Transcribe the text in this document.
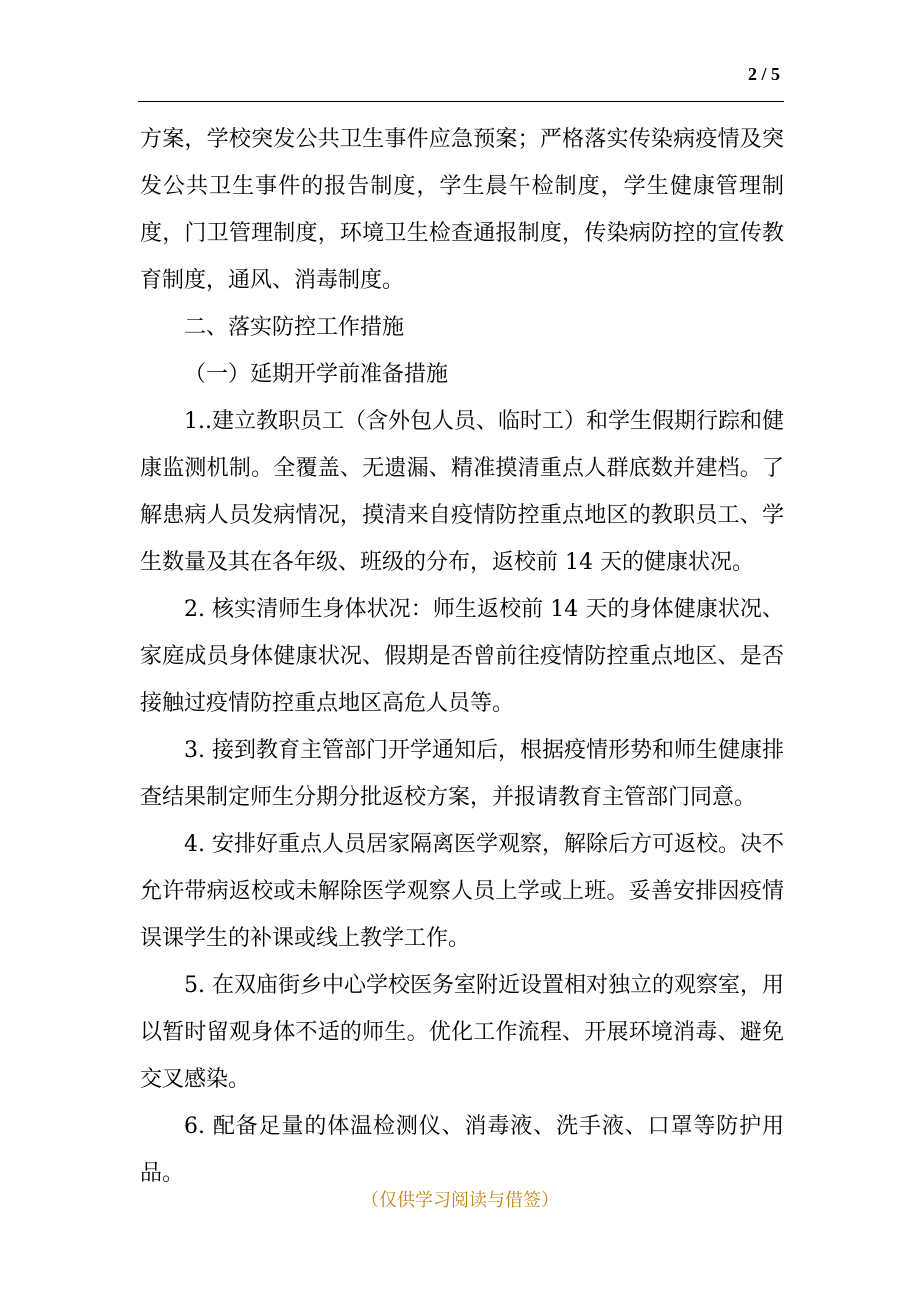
2 / 5

方案，学校突发公共卫生事件应急预案；严格落实传染病疫情及突发公共卫生事件的报告制度，学生晨午检制度，学生健康管理制度，门卫管理制度，环境卫生检查通报制度，传染病防控的宣传教育制度，通风、消毒制度。

二、落实防控工作措施

（一）延期开学前准备措施

1..建立教职员工（含外包人员、临时工）和学生假期行踪和健康监测机制。全覆盖、无遗漏、精准摸清重点人群底数并建档。了解患病人员发病情况，摸清来自疫情防控重点地区的教职员工、学生数量及其在各年级、班级的分布，返校前 14 天的健康状况。

2. 核实清师生身体状况：师生返校前 14 天的身体健康状况、家庭成员身体健康状况、假期是否曾前往疫情防控重点地区、是否接触过疫情防控重点地区高危人员等。

3. 接到教育主管部门开学通知后，根据疫情形势和师生健康排查结果制定师生分期分批返校方案，并报请教育主管部门同意。

4. 安排好重点人员居家隔离医学观察，解除后方可返校。决不允许带病返校或未解除医学观察人员上学或上班。妥善安排因疫情误课学生的补课或线上教学工作。

5. 在双庙街乡中心学校医务室附近设置相对独立的观察室，用以暂时留观身体不适的师生。优化工作流程、开展环境消毒、避免交叉感染。

6. 配备足量的体温检测仪、消毒液、洗手液、口罩等防护用品。

（仅供学习阅读与借签）
